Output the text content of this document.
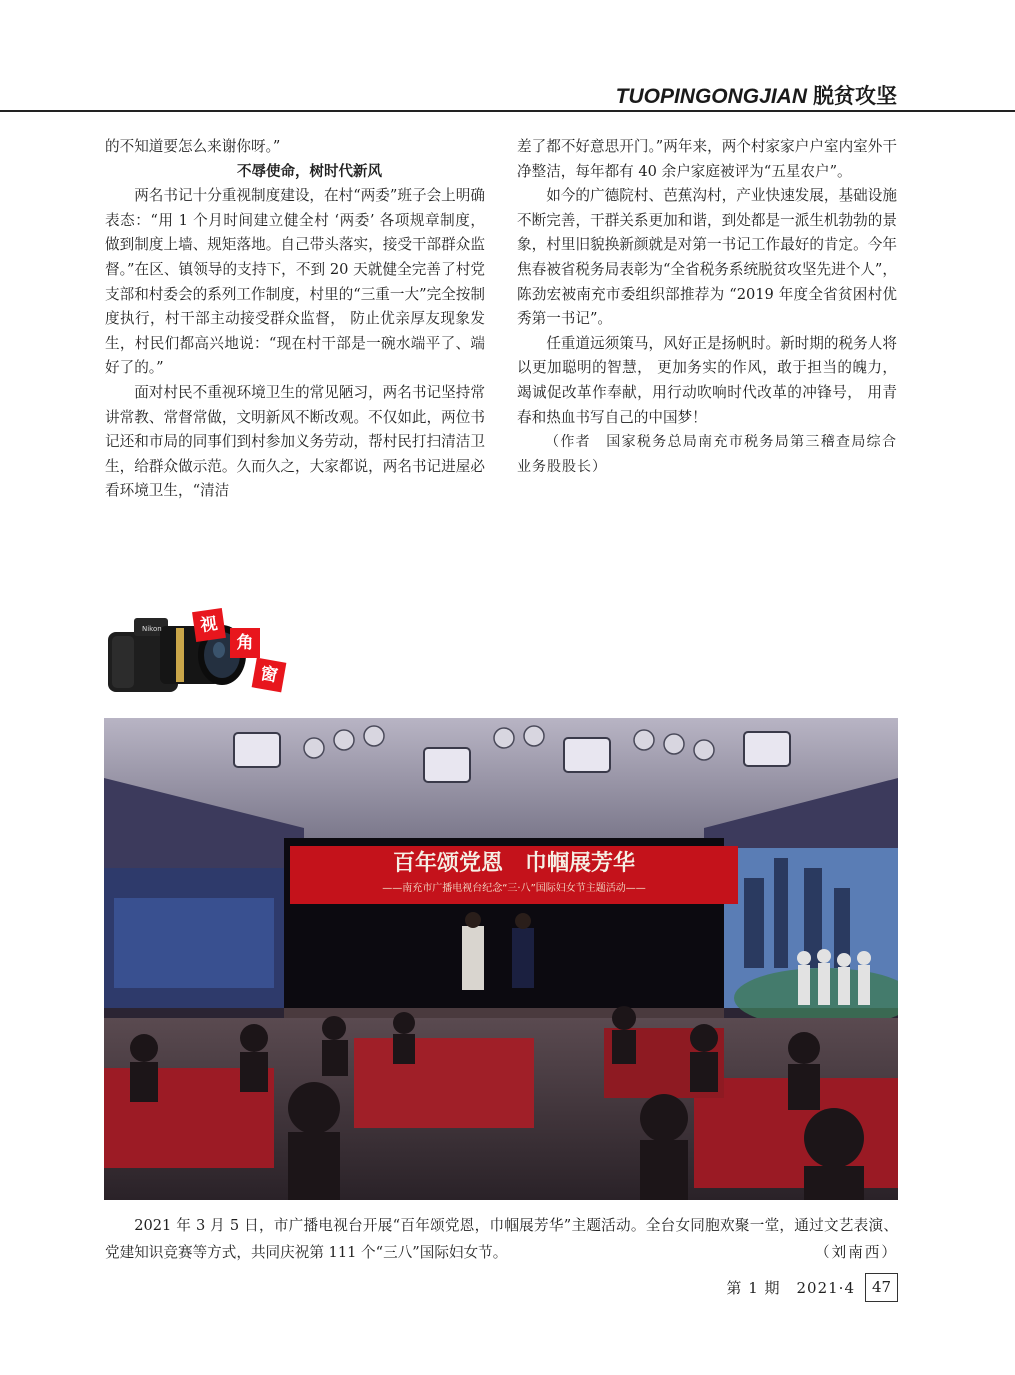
TUOPINGONGJIAN 脱贫攻坚

的不知道要怎么来谢你呀。”

不辱使命，树时代新风

两名书记十分重视制度建设，在村“两委”班子会上明确表态：“用 1 个月时间建立健全村 ‘两委’ 各项规章制度，做到制度上墙、规矩落地。自己带头落实，接受干部群众监督。”在区、镇领导的支持下，不到 20 天就健全完善了村党支部和村委会的系列工作制度，村里的“三重一大”完全按制度执行，村干部主动接受群众监督， 防止优亲厚友现象发生，村民们都高兴地说：“现在村干部是一碗水端平了、端好了的。”

面对村民不重视环境卫生的常见陋习，两名书记坚持常讲常教、常督常做，文明新风不断改观。不仅如此，两位书记还和市局的同事们到村参加义务劳动，帮村民打扫清洁卫生，给群众做示范。久而久之，大家都说，两名书记进屋必看环境卫生，“清洁

差了都不好意思开门。”两年来，两个村家家户户室内室外干净整洁，每年都有 40 余户家庭被评为“五星农户”。

如今的广德院村、芭蕉沟村，产业快速发展，基础设施不断完善，干群关系更加和谐，到处都是一派生机勃勃的景象，村里旧貌换新颜就是对第一书记工作最好的肯定。今年焦春被省税务局表彰为“全省税务系统脱贫攻坚先进个人”，陈劲宏被南充市委组织部推荐为 “2019 年度全省贫困村优秀第一书记”。

任重道远须策马，风好正是扬帆时。新时期的税务人将以更加聪明的智慧， 更加务实的作风，敢于担当的魄力，竭诚促改革作奉献，用行动吹响时代改革的冲锋号， 用青春和热血书写自己的中国梦！

（作者　国家税务总局南充市税务局第三稽查局综合业务股股长）

Nikon	视
角
窗
百年颂党恩　巾帼展芳华
——南充市广播电视台纪念“三·八”国际妇女节主题活动——
2021 年 3 月 5 日，市广播电视台开展“百年颂党恩，巾帼展芳华”主题活动。全台女同胞欢聚一堂，通过文艺表演、党建知识竞赛等方式，共同庆祝第 111 个“三八”国际妇女节。	（刘南西）
第 1 期　2021·4	47
